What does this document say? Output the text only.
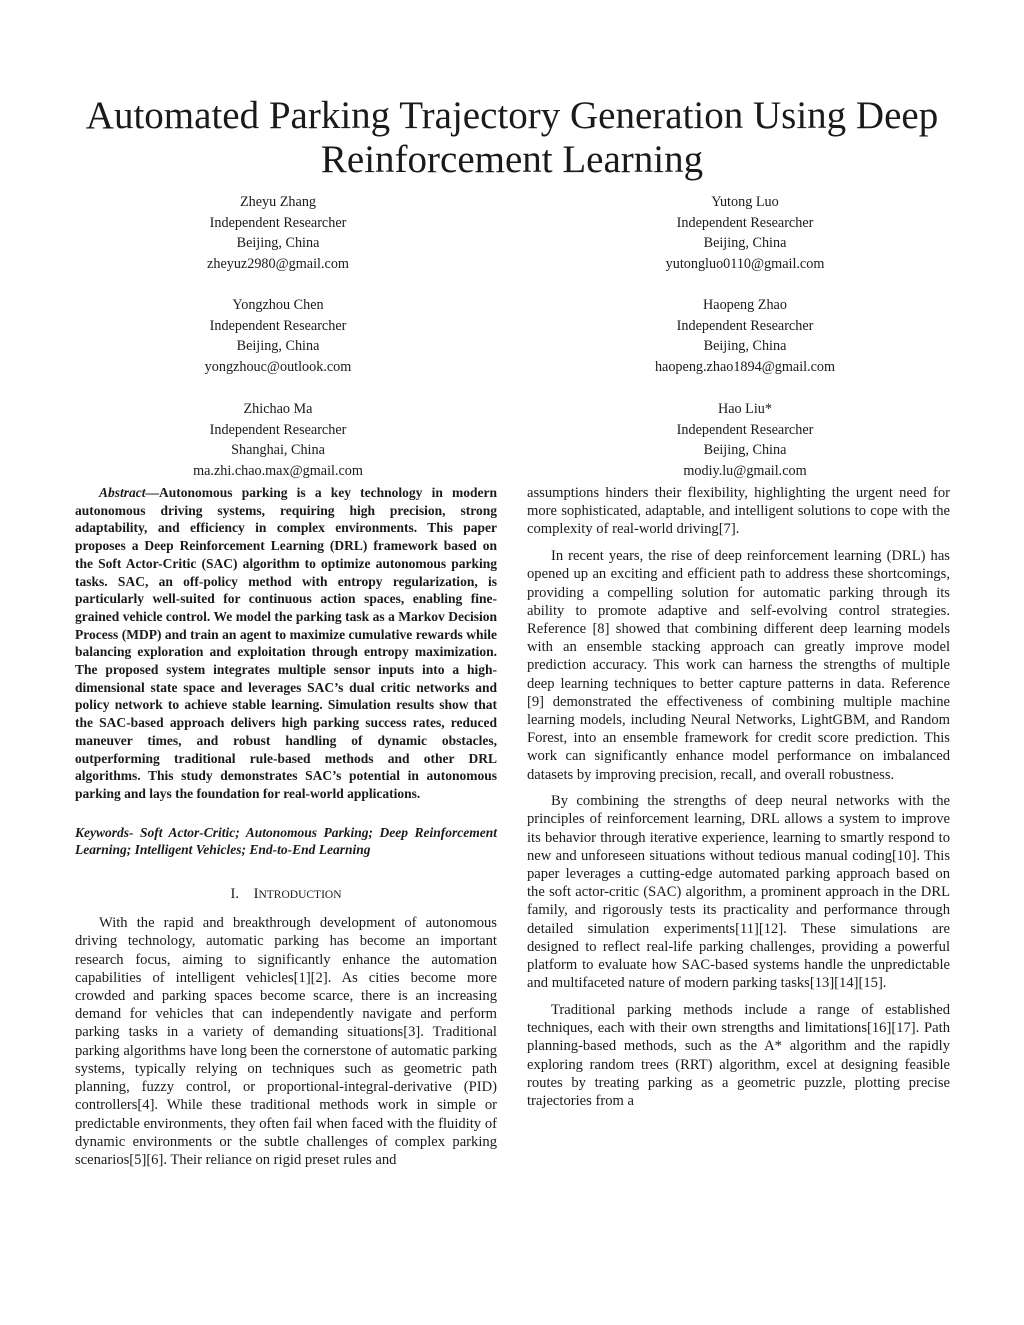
Automated Parking Trajectory Generation Using Deep Reinforcement Learning
Zheyu Zhang
Independent Researcher
Beijing, China
zheyuz2980@gmail.com
Yutong Luo
Independent Researcher
Beijing, China
yutongluo0110@gmail.com
Yongzhou Chen
Independent Researcher
Beijing, China
yongzhouc@outlook.com
Haopeng Zhao
Independent Researcher
Beijing, China
haopeng.zhao1894@gmail.com
Zhichao Ma
Independent Researcher
Shanghai, China
ma.zhi.chao.max@gmail.com
Hao Liu*
Independent Researcher
Beijing, China
modiy.lu@gmail.com

Abstract—Autonomous parking is a key technology in modern autonomous driving systems, requiring high precision, strong adaptability, and efficiency in complex environments. This paper proposes a Deep Reinforcement Learning (DRL) framework based on the Soft Actor-Critic (SAC) algorithm to optimize autonomous parking tasks. SAC, an off-policy method with entropy regularization, is particularly well-suited for continuous action spaces, enabling fine-grained vehicle control. We model the parking task as a Markov Decision Process (MDP) and train an agent to maximize cumulative rewards while balancing exploration and exploitation through entropy maximization. The proposed system integrates multiple sensor inputs into a high-dimensional state space and leverages SAC’s dual critic networks and policy network to achieve stable learning. Simulation results show that the SAC-based approach delivers high parking success rates, reduced maneuver times, and robust handling of dynamic obstacles, outperforming traditional rule-based methods and other DRL algorithms. This study demonstrates SAC’s potential in autonomous parking and lays the foundation for real-world applications.

Keywords- Soft Actor-Critic; Autonomous Parking; Deep Reinforcement Learning; Intelligent Vehicles; End-to-End Learning

I. INTRODUCTION

With the rapid and breakthrough development of autonomous driving technology, automatic parking has become an important research focus, aiming to significantly enhance the automation capabilities of intelligent vehicles[1][2]. As cities become more crowded and parking spaces become scarce, there is an increasing demand for vehicles that can independently navigate and perform parking tasks in a variety of demanding situations[3]. Traditional parking algorithms have long been the cornerstone of automatic parking systems, typically relying on techniques such as geometric path planning, fuzzy control, or proportional-integral-derivative (PID) controllers[4]. While these traditional methods work in simple or predictable environments, they often fail when faced with the fluidity of dynamic environments or the subtle challenges of complex parking scenarios[5][6]. Their reliance on rigid preset rules and

assumptions hinders their flexibility, highlighting the urgent need for more sophisticated, adaptable, and intelligent solutions to cope with the complexity of real-world driving[7].

In recent years, the rise of deep reinforcement learning (DRL) has opened up an exciting and efficient path to address these shortcomings, providing a compelling solution for automatic parking through its ability to promote adaptive and self-evolving control strategies. Reference [8] showed that combining different deep learning models with an ensemble stacking approach can greatly improve model prediction accuracy. This work can harness the strengths of multiple deep learning techniques to better capture patterns in data. Reference [9] demonstrated the effectiveness of combining multiple machine learning models, including Neural Networks, LightGBM, and Random Forest, into an ensemble framework for credit score prediction. This work can significantly enhance model performance on imbalanced datasets by improving precision, recall, and overall robustness.

By combining the strengths of deep neural networks with the principles of reinforcement learning, DRL allows a system to improve its behavior through iterative experience, learning to smartly respond to new and unforeseen situations without tedious manual coding[10]. This paper leverages a cutting-edge automated parking approach based on the soft actor-critic (SAC) algorithm, a prominent approach in the DRL family, and rigorously tests its practicality and performance through detailed simulation experiments[11][12]. These simulations are designed to reflect real-life parking challenges, providing a powerful platform to evaluate how SAC-based systems handle the unpredictable and multifaceted nature of modern parking tasks[13][14][15].

Traditional parking methods include a range of established techniques, each with their own strengths and limitations[16][17]. Path planning-based methods, such as the A* algorithm and the rapidly exploring random trees (RRT) algorithm, excel at designing feasible routes by treating parking as a geometric puzzle, plotting precise trajectories from a
